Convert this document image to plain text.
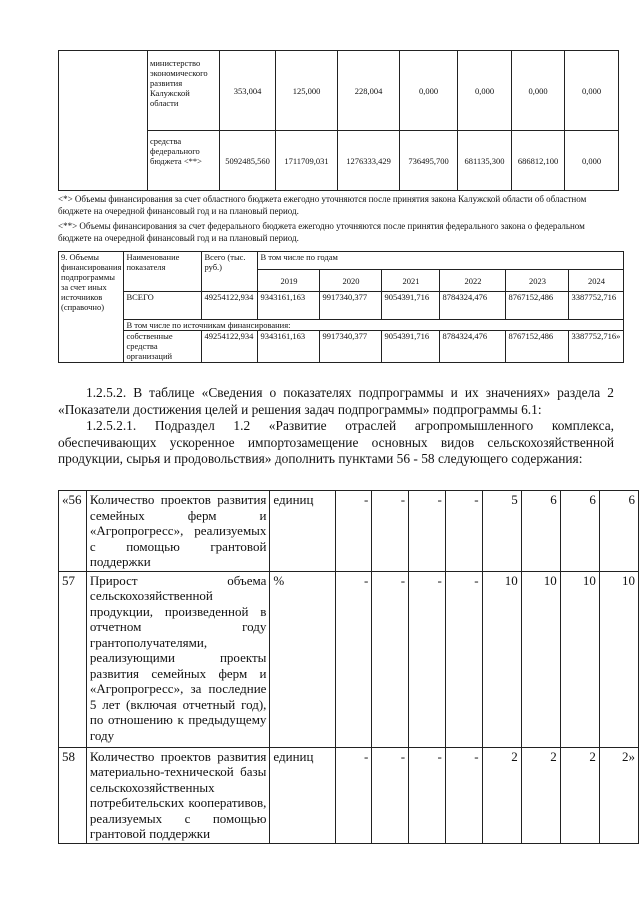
	министерство экономического развития Калужской области	353,004	125,000	228,004	0,000	0,000	0,000	0,000
	средства федерального бюджета <**>	5092485,560	1711709,031	1276333,429	736495,700	681135,300	686812,100	0,000
<*> Объемы финансирования за счет областного бюджета ежегодно уточняются после принятия закона Калужской области об областном бюджете на очередной финансовый год и на плановый период.
<**> Объемы финансирования за счет федерального бюджета ежегодно уточняются после принятия федерального закона о федеральном бюджете на очередной финансовый год и на плановый период.
9. Объемы финансирования подпрограммы за счет иных источников (справочно)	Наименование показателя	Всего (тыс. руб.)	В том числе по годам					
			2019	2020	2021	2022	2023	2024
	ВСЕГО	49254122,934	9343161,163	9917340,377	9054391,716	8784324,476	8767152,486	3387752,716
	В том числе по источникам финансирования:							
	собственные средства организаций	49254122,934	9343161,163	9917340,377	9054391,716	8784324,476	8767152,486	3387752,716»
1.2.5.2. В таблице «Сведения о показателях подпрограммы и их значениях» раздела 2 «Показатели достижения целей и решения задач подпрограммы» подпрограммы 6.1:
1.2.5.2.1. Подраздел 1.2 «Развитие отраслей агропромышленного комплекса, обеспечивающих ускоренное импортозамещение основных видов сельскохозяйственной продукции, сырья и продовольствия» дополнить пунктами 56 - 58 следующего содержания:
«56	Количество проектов развития семейных ферм и «Агропрогресс», реализуемых с помощью грантовой поддержки	единиц	-	-	-	-	5	6	6	6
57	Прирост объема сельскохозяйственной продукции, произведенной в отчетном году грантополучателями, реализующими проекты развития семейных ферм и «Агропрогресс», за последние 5 лет (включая отчетный год), по отношению к предыдущему году	%	-	-	-	-	10	10	10	10
58	Количество проектов развития материально-технической базы сельскохозяйственных потребительских кооперативов, реализуемых с помощью грантовой поддержки	единиц	-	-	-	-	2	2	2	2»
